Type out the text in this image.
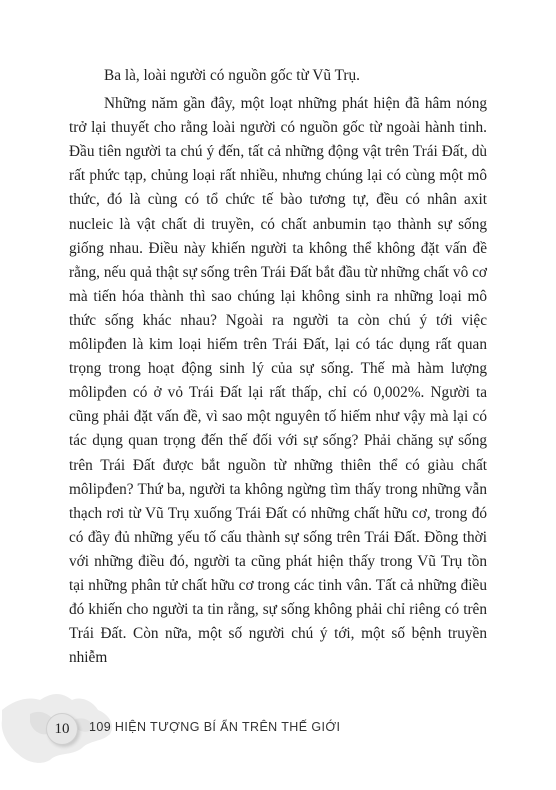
Ba là, loài người có nguồn gốc từ Vũ Trụ.

Những năm gần đây, một loạt những phát hiện đã hâm nóng trở lại thuyết cho rằng loài người có nguồn gốc từ ngoài hành tinh. Đầu tiên người ta chú ý đến, tất cả những động vật trên Trái Đất, dù rất phức tạp, chủng loại rất nhiều, nhưng chúng lại có cùng một mô thức, đó là cùng có tổ chức tế bào tương tự, đều có nhân axit nucleic là vật chất di truyền, có chất anbumin tạo thành sự sống giống nhau. Điều này khiến người ta không thể không đặt vấn đề rằng, nếu quả thật sự sống trên Trái Đất bắt đầu từ những chất vô cơ mà tiến hóa thành thì sao chúng lại không sinh ra những loại mô thức sống khác nhau? Ngoài ra người ta còn chú ý tới việc môlipđen là kim loại hiếm trên Trái Đất, lại có tác dụng rất quan trọng trong hoạt động sinh lý của sự sống. Thế mà hàm lượng môlipđen có ở vỏ Trái Đất lại rất thấp, chỉ có 0,002%. Người ta cũng phải đặt vấn đề, vì sao một nguyên tố hiếm như vậy mà lại có tác dụng quan trọng đến thế đối với sự sống? Phải chăng sự sống trên Trái Đất được bắt nguồn từ những thiên thể có giàu chất môlipđen? Thứ ba, người ta không ngừng tìm thấy trong những vẫn thạch rơi từ Vũ Trụ xuống Trái Đất có những chất hữu cơ, trong đó có đầy đủ những yếu tố cấu thành sự sống trên Trái Đất. Đồng thời với những điều đó, người ta cũng phát hiện thấy trong Vũ Trụ tồn tại những phân tử chất hữu cơ trong các tinh vân. Tất cả những điều đó khiến cho người ta tin rằng, sự sống không phải chỉ riêng có trên Trái Đất. Còn nữa, một số người chú ý tới, một số bệnh truyền nhiễm

10	109 HIỆN TƯỢNG BÍ ẨN TRÊN THẾ GIỚI
